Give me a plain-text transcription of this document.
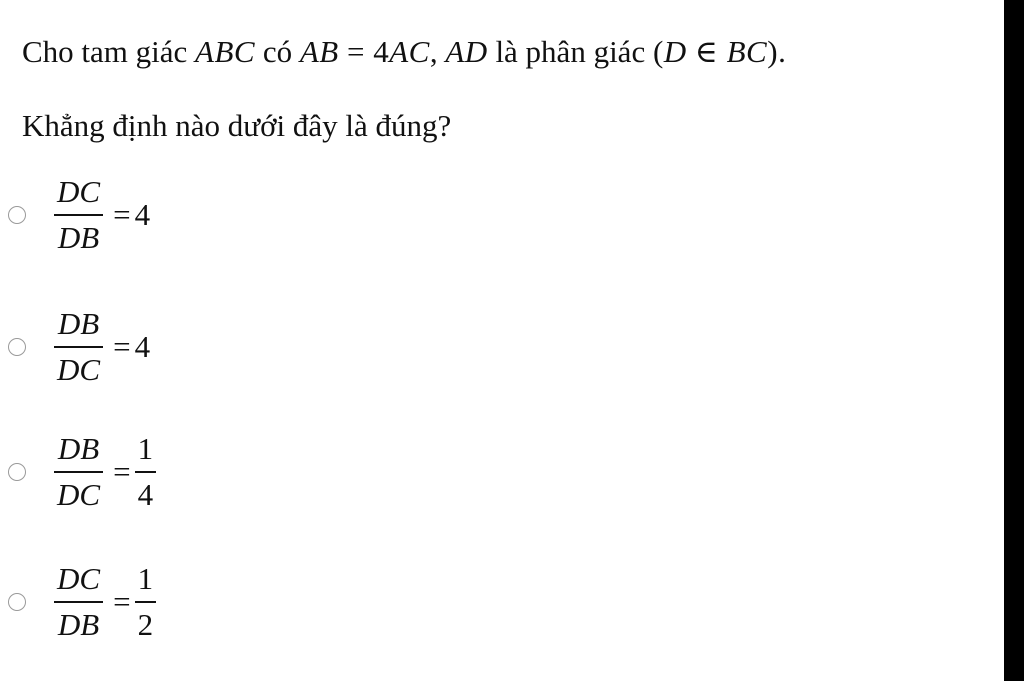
Cho tam giác ABC có AB = 4AC, AD là phân giác (D ∈ BC).
Khẳng định nào dưới đây là đúng?
$\frac{DC}{DB} = 4$
$\frac{DB}{DC} = 4$
$\frac{DB}{DC} = \frac{1}{4}$
$\frac{DC}{DB} = \frac{1}{2}$
